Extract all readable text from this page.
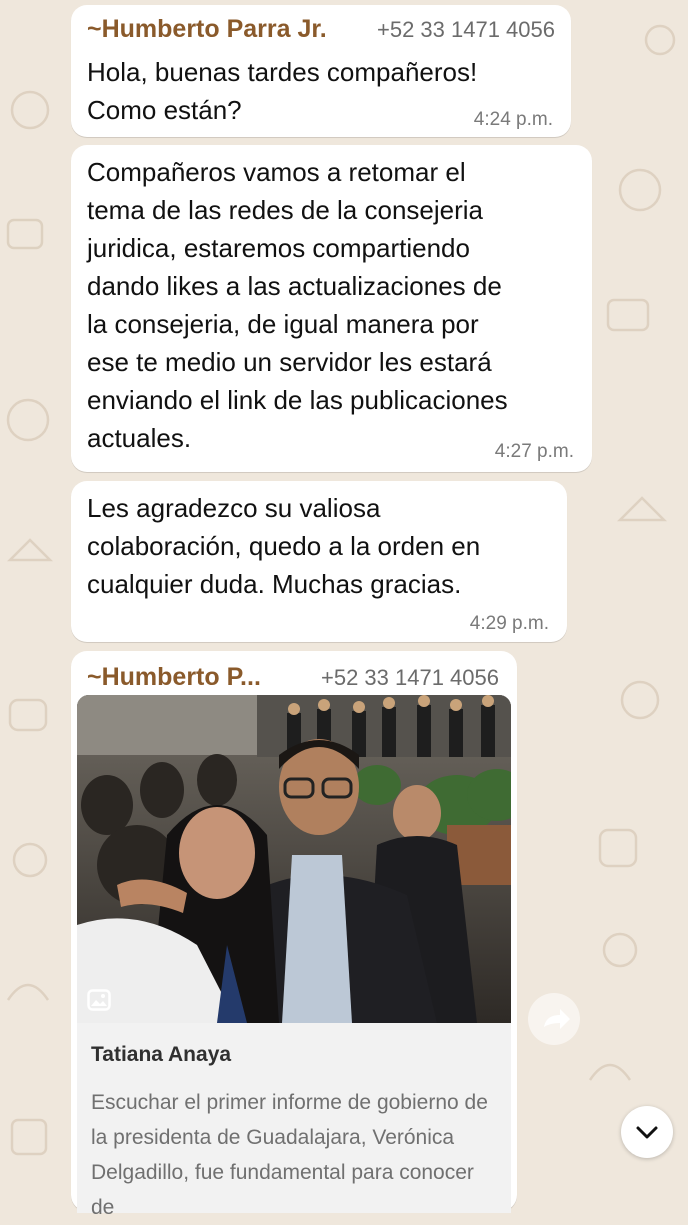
~Humberto Parra Jr. +52 33 1471 4056
Hola, buenas tardes compañeros!
Como están?	4:24 p.m.
Compañeros vamos a retomar el
tema de las redes de la consejeria
juridica, estaremos compartiendo
dando likes a las actualizaciones de
la consejeria, de igual manera por
ese te medio un servidor les estará
enviando el link de las publicaciones
actuales.	4:27 p.m.
Les agradezco su valiosa
colaboración, quedo a la orden en
cualquier duda. Muchas gracias.
4:29 p.m.
~Humberto P...	+52 33 1471 4056
Tatiana Anaya
Escuchar el primer informe de gobierno de la presidenta de Guadalajara, Verónica Delgadillo, fue fundamental para conocer de
